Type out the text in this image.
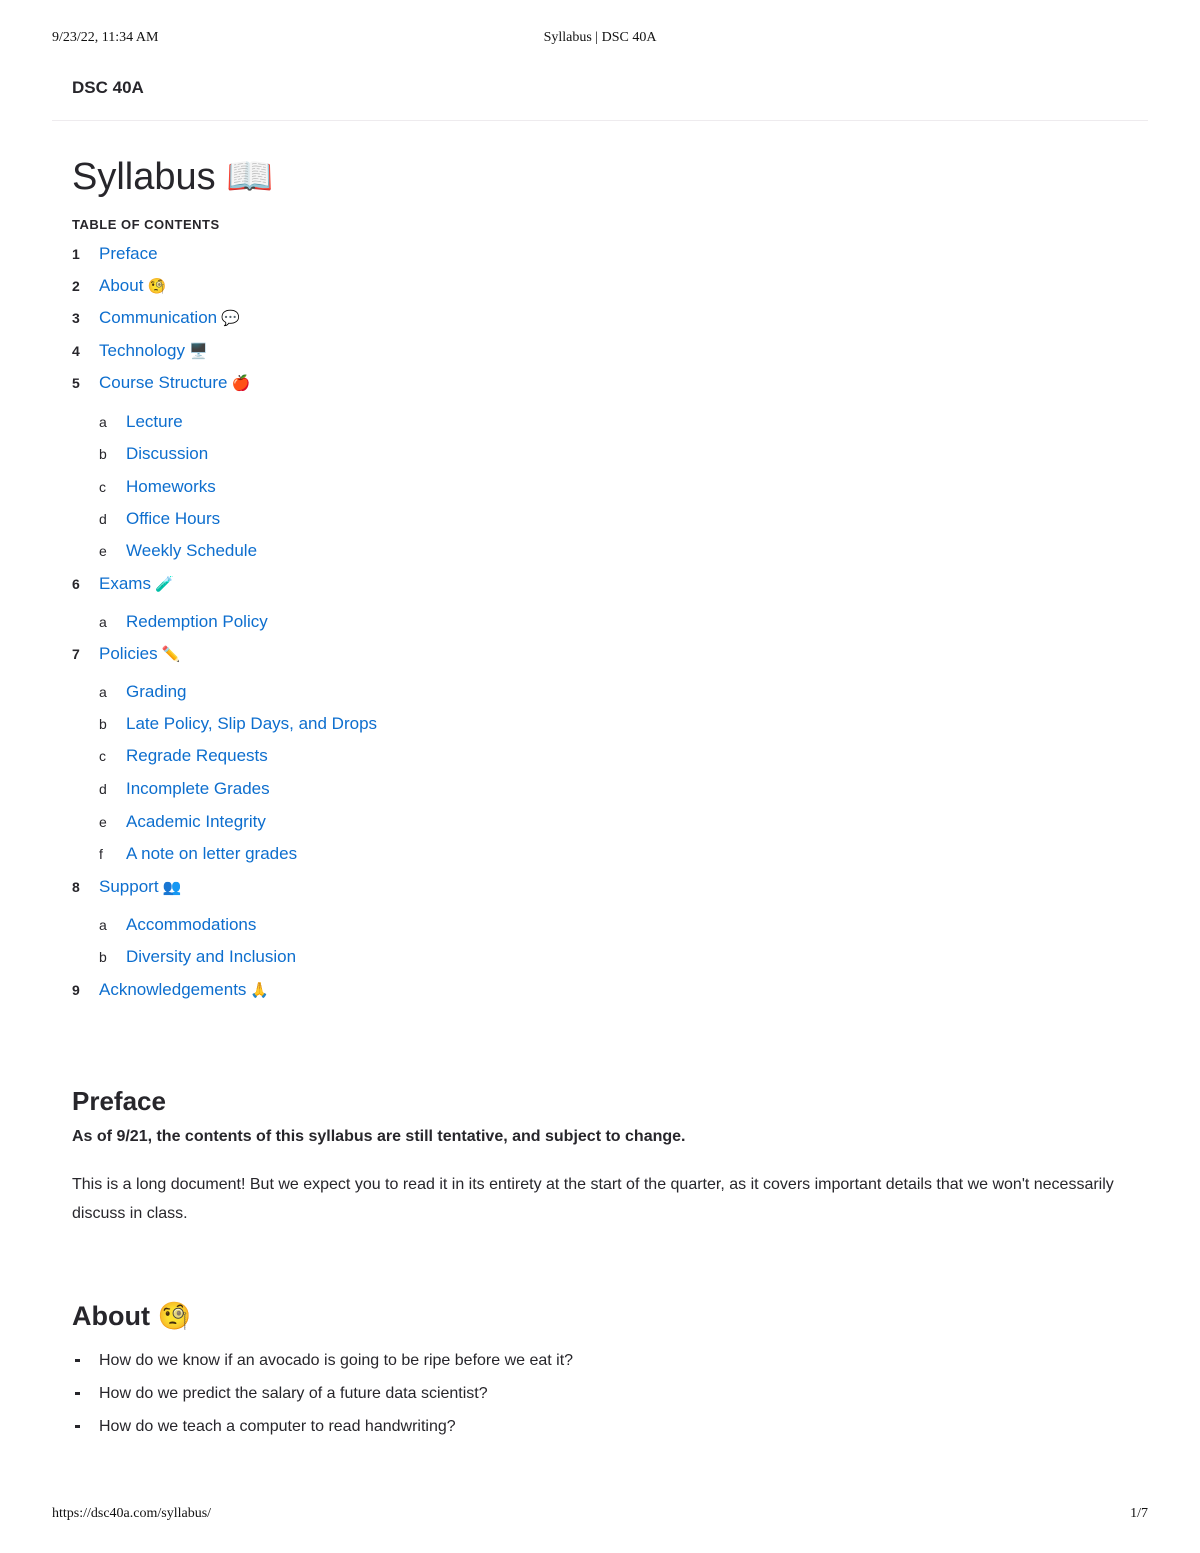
9/23/22, 11:34 AM	Syllabus | DSC 40A
DSC 40A
Syllabus 📖
TABLE OF CONTENTS
1 Preface
2 About 🧐
3 Communication 💬
4 Technology 🖥️
5 Course Structure 🍎
a Lecture
b Discussion
c Homeworks
d Office Hours
e Weekly Schedule
6 Exams 🧪
a Redemption Policy
7 Policies ✏️
a Grading
b Late Policy, Slip Days, and Drops
c Regrade Requests
d Incomplete Grades
e Academic Integrity
f A note on letter grades
8 Support 👥
a Accommodations
b Diversity and Inclusion
9 Acknowledgements 🙏
Preface
As of 9/21, the contents of this syllabus are still tentative, and subject to change.
This is a long document! But we expect you to read it in its entirety at the start of the quarter, as it covers important details that we won't necessarily discuss in class.
About 🧐
How do we know if an avocado is going to be ripe before we eat it?
How do we predict the salary of a future data scientist?
How do we teach a computer to read handwriting?
https://dsc40a.com/syllabus/	1/7
